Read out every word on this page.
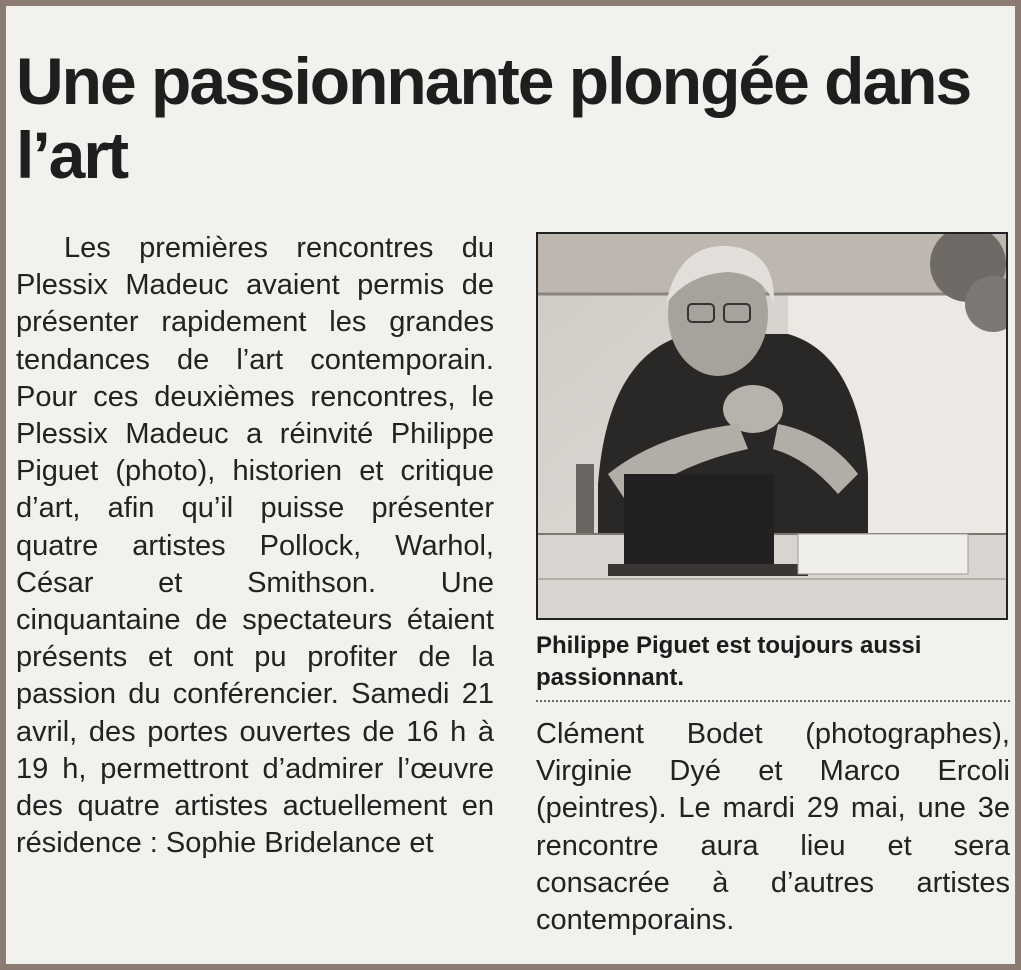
Une passionnante plongée dans l’art
Les premières rencontres du Plessix Madeuc avaient permis de présenter rapidement les grandes tendances de l’art contemporain. Pour ces deuxièmes rencontres, le Plessix Madeuc a réinvité Philippe Piguet (photo), historien et critique d’art, afin qu’il puisse présenter quatre artistes Pollock, Warhol, César et Smithson. Une cinquantaine de spectateurs étaient présents et ont pu profiter de la passion du conférencier. Samedi 21 avril, des portes ouvertes de 16 h à 19 h, permettront d’admirer l’œuvre des quatre artistes actuellement en résidence : Sophie Bridelance et
Philippe Piguet est toujours aussi passionnant.
Clément Bodet (photographes), Virginie Dyé et Marco Ercoli (peintres). Le mardi 29 mai, une 3e rencontre aura lieu et sera consacrée à d’autres artistes contemporains.
